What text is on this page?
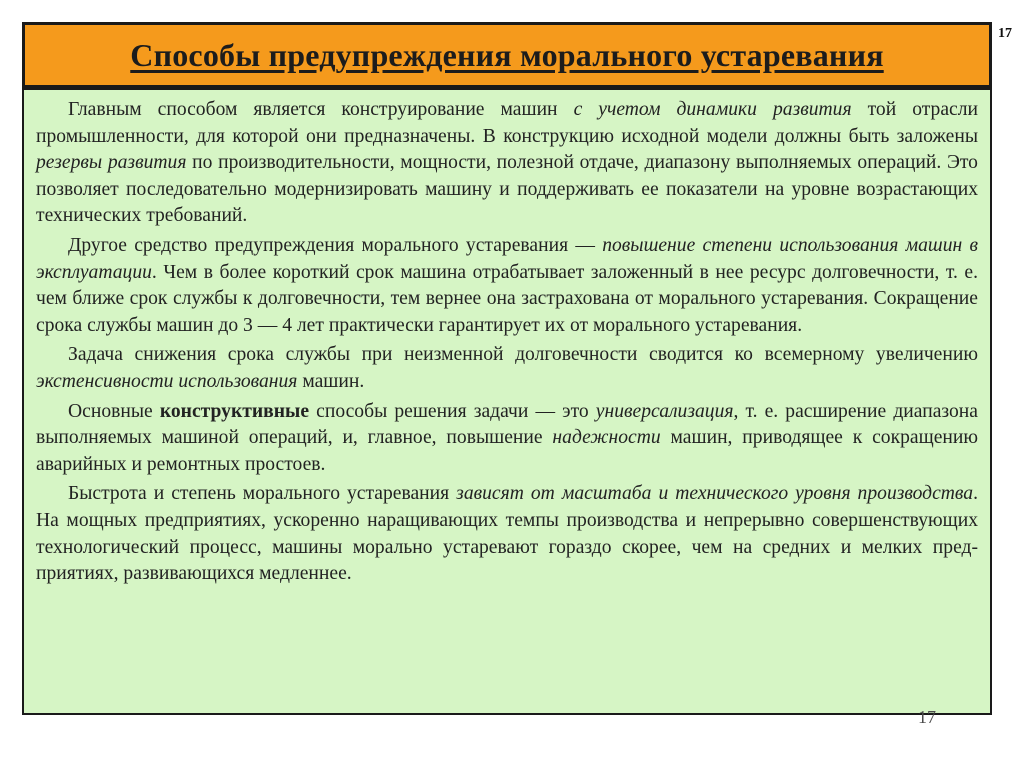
17
Способы предупреждения морального устаревания

Главным способом является конструирование машин с учетом динамики развития той отрасли промышленности, для которой они предназначены. В конструкцию исходной модели должны быть заложены резервы развития по производительности, мощности, полезной отдаче, диапазону выполняемых операций. Это позволяет последовательно модернизировать машину и поддерживать ее показатели на уровне возрастающих технических требований.

Другое средство предупреждения морального устаревания — повышение степени использования машин в эксплуатации. Чем в более короткий срок машина отрабатывает заложенный в нее ресурс долговечности, т. е. чем ближе срок службы к долговечности, тем вернее она застрахована от морального устаревания. Сокращение срока службы машин до 3 — 4 лет практически гарантирует их от морального устаревания.

Задача снижения срока службы при неизменной долговечности сводится ко всемерному увеличению экстенсивности использования машин.

Основные конструктивные способы решения задачи — это универсализация, т. е. расширение диапазона выполняемых машиной операций, и, главное, повышение надежности машин, приводящее к сокращению аварийных и ремонтных простоев.

Быстрота и степень морального устаревания зависят от масштаба и технического уровня производства. На мощных предприятиях, ускоренно наращивающих темпы производства и непрерывно совершенствующих технологический процесс, машины морально устаревают гораздо скорее, чем на средних и мелких пред- приятиях, развивающихся медленнее.

17
